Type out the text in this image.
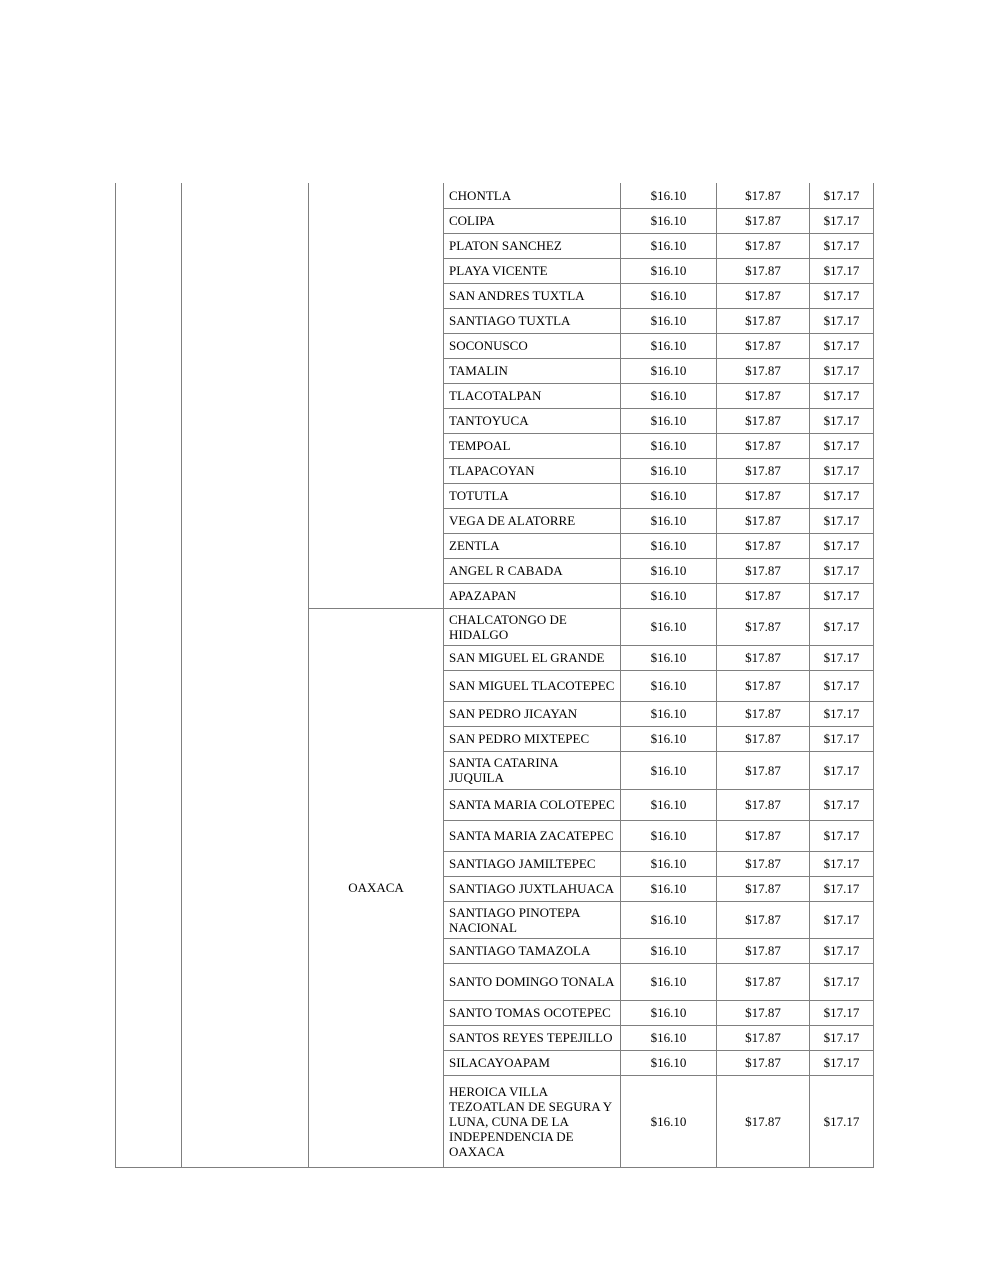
			CHONTLA	$16.10	$17.87	$17.17
			COLIPA	$16.10	$17.87	$17.17
			PLATON SANCHEZ	$16.10	$17.87	$17.17
			PLAYA VICENTE	$16.10	$17.87	$17.17
			SAN ANDRES TUXTLA	$16.10	$17.87	$17.17
			SANTIAGO TUXTLA	$16.10	$17.87	$17.17
			SOCONUSCO	$16.10	$17.87	$17.17
			TAMALIN	$16.10	$17.87	$17.17
			TLACOTALPAN	$16.10	$17.87	$17.17
			TANTOYUCA	$16.10	$17.87	$17.17
			TEMPOAL	$16.10	$17.87	$17.17
			TLAPACOYAN	$16.10	$17.87	$17.17
			TOTUTLA	$16.10	$17.87	$17.17
			VEGA DE ALATORRE	$16.10	$17.87	$17.17
			ZENTLA	$16.10	$17.87	$17.17
			ANGEL R CABADA	$16.10	$17.87	$17.17
			APAZAPAN	$16.10	$17.87	$17.17
		OAXACA	CHALCATONGO DE HIDALGO	$16.10	$17.87	$17.17
			SAN MIGUEL EL GRANDE	$16.10	$17.87	$17.17
			SAN MIGUEL TLACOTEPEC	$16.10	$17.87	$17.17
			SAN PEDRO JICAYAN	$16.10	$17.87	$17.17
			SAN PEDRO MIXTEPEC	$16.10	$17.87	$17.17
			SANTA CATARINA JUQUILA	$16.10	$17.87	$17.17
			SANTA MARIA COLOTEPEC	$16.10	$17.87	$17.17
			SANTA MARIA ZACATEPEC	$16.10	$17.87	$17.17
			SANTIAGO JAMILTEPEC	$16.10	$17.87	$17.17
			SANTIAGO JUXTLAHUACA	$16.10	$17.87	$17.17
			SANTIAGO PINOTEPA NACIONAL	$16.10	$17.87	$17.17
			SANTIAGO TAMAZOLA	$16.10	$17.87	$17.17
			SANTO DOMINGO TONALA	$16.10	$17.87	$17.17
			SANTO TOMAS OCOTEPEC	$16.10	$17.87	$17.17
			SANTOS REYES TEPEJILLO	$16.10	$17.87	$17.17
			SILACAYOAPAM	$16.10	$17.87	$17.17
			HEROICA VILLA TEZOATLAN DE SEGURA Y LUNA, CUNA DE LA INDEPENDENCIA DE OAXACA	$16.10	$17.87	$17.17
